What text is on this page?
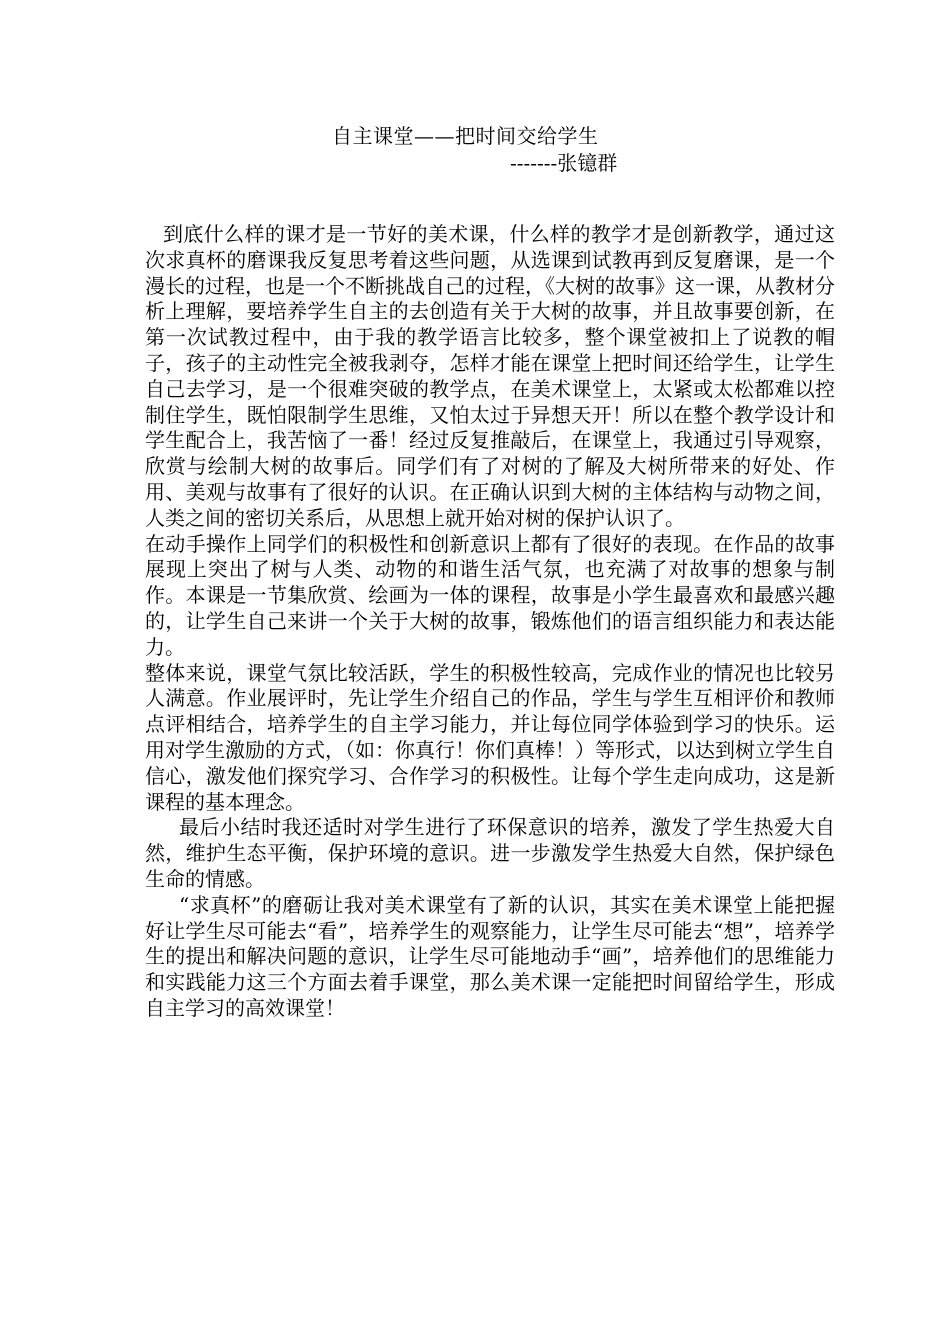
自主课堂——把时间交给学生
-------张镱群

到底什么样的课才是一节好的美术课，什么样的教学才是创新教学，通过这次求真杯的磨课我反复思考着这些问题，从选课到试教再到反复磨课，是一个漫长的过程，也是一个不断挑战自己的过程，《大树的故事》这一课，从教材分析上理解，要培养学生自主的去创造有关于大树的故事，并且故事要创新，在第一次试教过程中，由于我的教学语言比较多，整个课堂被扣上了说教的帽子，孩子的主动性完全被我剥夺，怎样才能在课堂上把时间还给学生，让学生自己去学习，是一个很难突破的教学点，在美术课堂上，太紧或太松都难以控制住学生，既怕限制学生思维，又怕太过于异想天开！所以在整个教学设计和学生配合上，我苦恼了一番！经过反复推敲后，在课堂上，我通过引导观察，欣赏与绘制大树的故事后。同学们有了对树的了解及大树所带来的好处、作用、美观与故事有了很好的认识。在正确认识到大树的主体结构与动物之间，人类之间的密切关系后，从思想上就开始对树的保护认识了。

在动手操作上同学们的积极性和创新意识上都有了很好的表现。在作品的故事展现上突出了树与人类、动物的和谐生活气氛，也充满了对故事的想象与制作。本课是一节集欣赏、绘画为一体的课程，故事是小学生最喜欢和最感兴趣的，让学生自己来讲一个关于大树的故事，锻炼他们的语言组织能力和表达能力。

整体来说，课堂气氛比较活跃，学生的积极性较高，完成作业的情况也比较另人满意。作业展评时，先让学生介绍自己的作品，学生与学生互相评价和教师点评相结合，培养学生的自主学习能力，并让每位同学体验到学习的快乐。运用对学生激励的方式，（如：你真行！你们真棒！）等形式，以达到树立学生自信心，激发他们探究学习、合作学习的积极性。让每个学生走向成功，这是新课程的基本理念。

最后小结时我还适时对学生进行了环保意识的培养，激发了学生热爱大自然，维护生态平衡，保护环境的意识。进一步激发学生热爱大自然，保护绿色生命的情感。

“求真杯”的磨砺让我对美术课堂有了新的认识，其实在美术课堂上能把握好让学生尽可能去“看”，培养学生的观察能力，让学生尽可能去“想”，培养学生的提出和解决问题的意识，让学生尽可能地动手“画”，培养他们的思维能力和实践能力这三个方面去着手课堂，那么美术课一定能把时间留给学生，形成自主学习的高效课堂！
